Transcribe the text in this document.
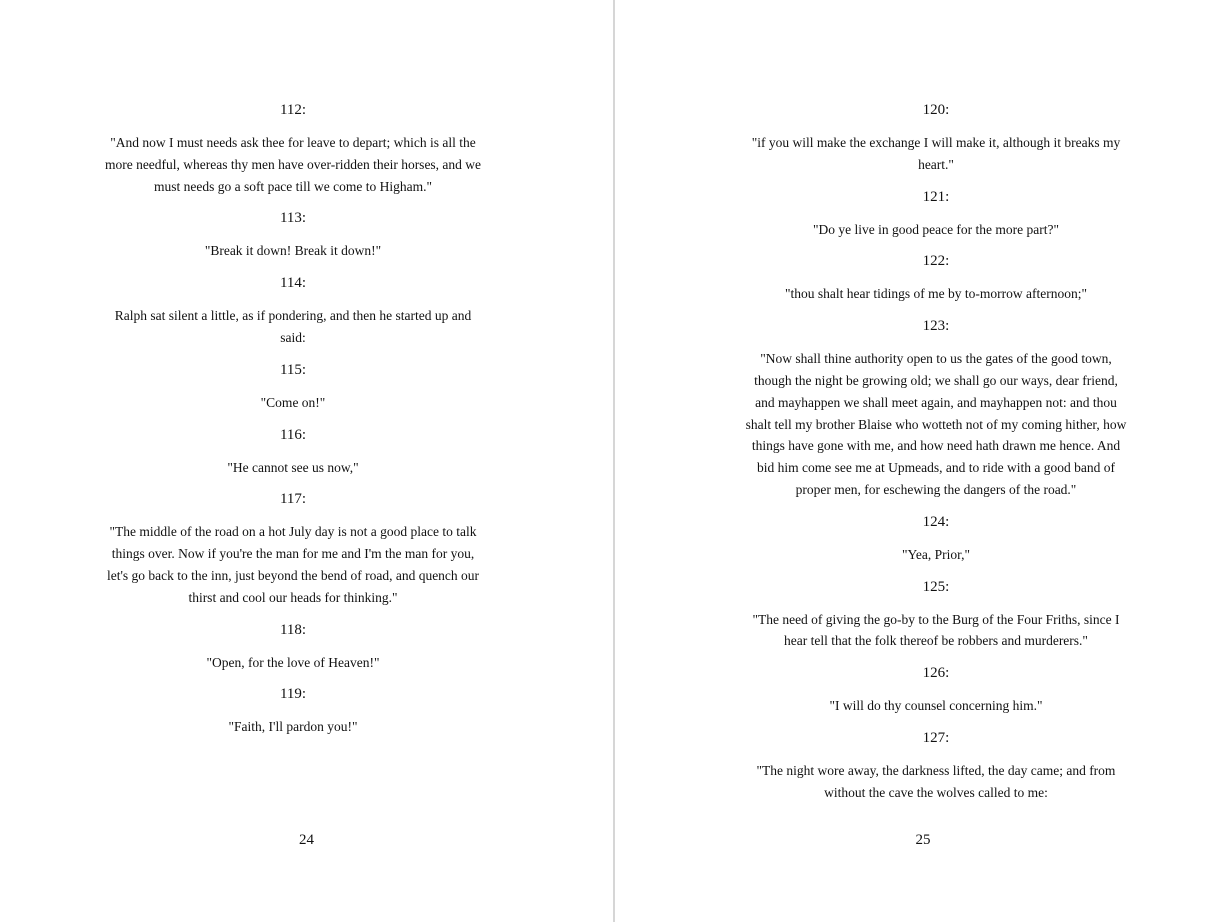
112:

"And now I must needs ask thee for leave to depart; which is all the more needful, whereas thy men have over-ridden their horses, and we must needs go a soft pace till we come to Higham."

113:

"Break it down! Break it down!"

114:

Ralph sat silent a little, as if pondering, and then he started up and said:

115:

"Come on!"

116:

"He cannot see us now,"

117:

"The middle of the road on a hot July day is not a good place to talk things over. Now if you're the man for me and I'm the man for you, let's go back to the inn, just beyond the bend of road, and quench our thirst and cool our heads for thinking."

118:

"Open, for the love of Heaven!"

119:

"Faith, I'll pardon you!"

24

120:

"if you will make the exchange I will make it, although it breaks my heart."

121:

"Do ye live in good peace for the more part?"

122:

"thou shalt hear tidings of me by to-morrow afternoon;"

123:

"Now shall thine authority open to us the gates of the good town, though the night be growing old; we shall go our ways, dear friend, and mayhappen we shall meet again, and mayhappen not: and thou shalt tell my brother Blaise who wotteth not of my coming hither, how things have gone with me, and how need hath drawn me hence. And bid him come see me at Upmeads, and to ride with a good band of proper men, for eschewing the dangers of the road."

124:

"Yea, Prior,"

125:

"The need of giving the go-by to the Burg of the Four Friths, since I hear tell that the folk thereof be robbers and murderers."

126:

"I will do thy counsel concerning him."

127:

"The night wore away, the darkness lifted, the day came; and from without the cave the wolves called to me:

25
